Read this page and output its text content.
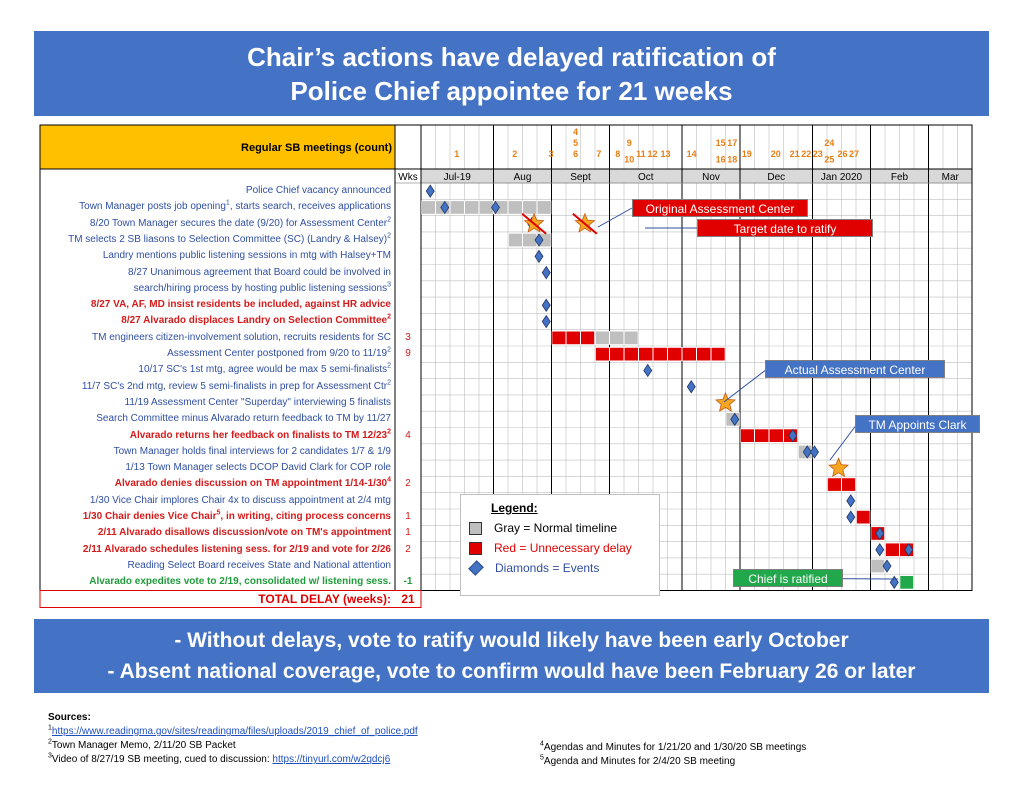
Chair’s actions have delayed ratification of
Police Chief appointee for 21 weeks
Jul-19	Aug	Sept	Oct	Nov	Dec	Jan 2020	Feb	Mar
Regular SB meetings (count)
Wks
1	2	3
4
5
6 7 8
9
10
11 12 13 14
15
16
17
18
19 20 21 22 23
24
25
26 27
Police Chief vacancy announced
Town Manager posts job opening$^1$, starts search, receives applications
8/20 Town Manager secures the date (9/20) for Assessment Center$^2$
TM selects 2 SB liasons to Selection Committee (SC) (Landry & Halsey)$^2$
Landry mentions public listening sessions in mtg with Halsey+TM
8/27 Unanimous agreement that Board could be involved in
search/hiring process by hosting public listening sessions$^3$
8/27 VA, AF, MD insist residents be included, against HR advice
8/27 Alvarado displaces Landry on Selection Committee$^2$
TM engineers citizen-involvement solution, recruits residents for SC	3
Assessment Center postponed from 9/20 to $11/19^2$	9
10/17 SC's 1st mtg, agree would be max 5 semi-finalists$^2$
11/7 SC's 2nd mtg, review 5 semi-finalists in prep for Assessment Ctr$^2$
11/19 Assessment Center "Superday" interviewing 5 finalists
Search Committee minus Alvarado return feedback to TM by 11/27
Alvarado returns her feedback on finalists to TM $12/23^2$	4
Town Manager holds final interviews for 2 candidates 1/7 & 1/9
1/13 Town Manager selects DCOP David Clark for COP role
Alvarado denies discussion on TM appointment $1/14-1/30^4$	2
1/30 Vice Chair implores Chair 4x to discuss appointment at 2/4 mtg
1/30 Chair denies Vice Chair$^5$, in writing, citing process concerns	1
2/11 Alvarado disallows discussion/vote on TM's appointment	1
2/11 Alvarado schedules listening sess. for 2/19 and vote for 2/26	2
Reading Select Board receives State and National attention
Alvarado expedites vote to 2/19, consolidated w/ listening sess.	-1
TOTAL DELAY (weeks): 21
Legend:
Gray = Normal timeline
Red = Unnecessary delay
Diamonds = Events
Original Assessment Center
Target date to ratify
Actual Assessment Center
TM Appoints Clark
Chief is ratified
- Without delays, vote to ratify would likely have been early October
- Absent national coverage, vote to confirm would have been February 26 or later
Sources:
$^1$https://www.readingma.gov/sites/readingma/files/uploads/2019_chief_of_police.pdf
$^2$Town Manager Memo, 2/11/20 SB Packet
$^3$Video of 8/27/19 SB meeting, cued to discussion: https://tinyurl.com/w2qdcj6
$^4$Agendas and Minutes for 1/21/20 and 1/30/20 SB meetings
$^5$Agenda and Minutes for 2/4/20 SB meeting
